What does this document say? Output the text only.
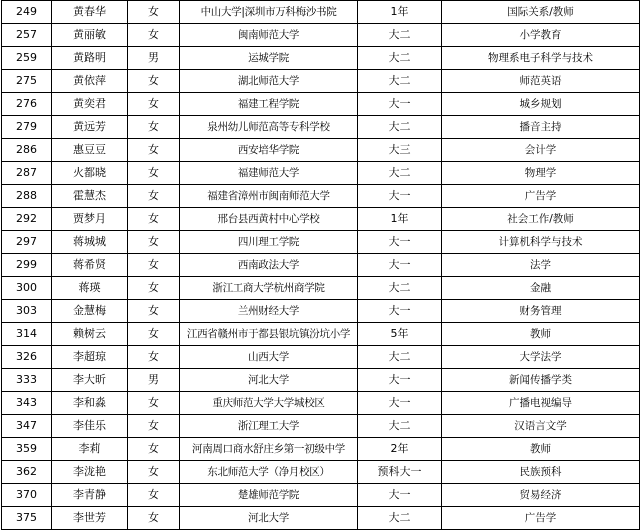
249	黄春华	女	中山大学|深圳市万科梅沙书院	1年	国际关系/教师
257	黄丽敏	女	闽南师范大学	大二	小学教育
259	黄路明	男	运城学院	大二	物理系电子科学与技术
275	黄依萍	女	湖北师范大学	大二	师范英语
276	黄奕君	女	福建工程学院	大一	城乡规划
279	黄远芳	女	泉州幼儿师范高等专科学校	大二	播音主持
286	惠豆豆	女	西安培华学院	大三	会计学
287	火都晓	女	福建师范大学	大二	物理学
288	霍慧杰	女	福建省漳州市闽南师范大学	大一	广告学
292	贾梦月	女	邢台县西黄村中心学校	1年	社会工作/教师
297	蒋城城	女	四川理工学院	大一	计算机科学与技术
299	蒋希贤	女	西南政法大学	大一	法学
300	蒋瑛	女	浙江工商大学杭州商学院	大二	金融
303	金慧梅	女	兰州财经大学	大一	财务管理
314	赖树云	女	江西省赣州市于都县银坑镇汾坑小学	5年	教师
326	李超琼	女	山西大学	大二	大学法学
333	李大昕	男	河北大学	大一	新闻传播学类
343	李和淼	女	重庆师范大学大学城校区	大一	广播电视编导
347	李佳乐	女	浙江理工大学	大二	汉语言文学
359	李莉	女	河南周口商水舒庄乡第一初级中学	2年	教师
362	李泷艳	女	东北师范大学（净月校区）	预科大一	民族预科
370	李青静	女	楚雄师范学院	大一	贸易经济
375	李世芳	女	河北大学	大二	广告学
